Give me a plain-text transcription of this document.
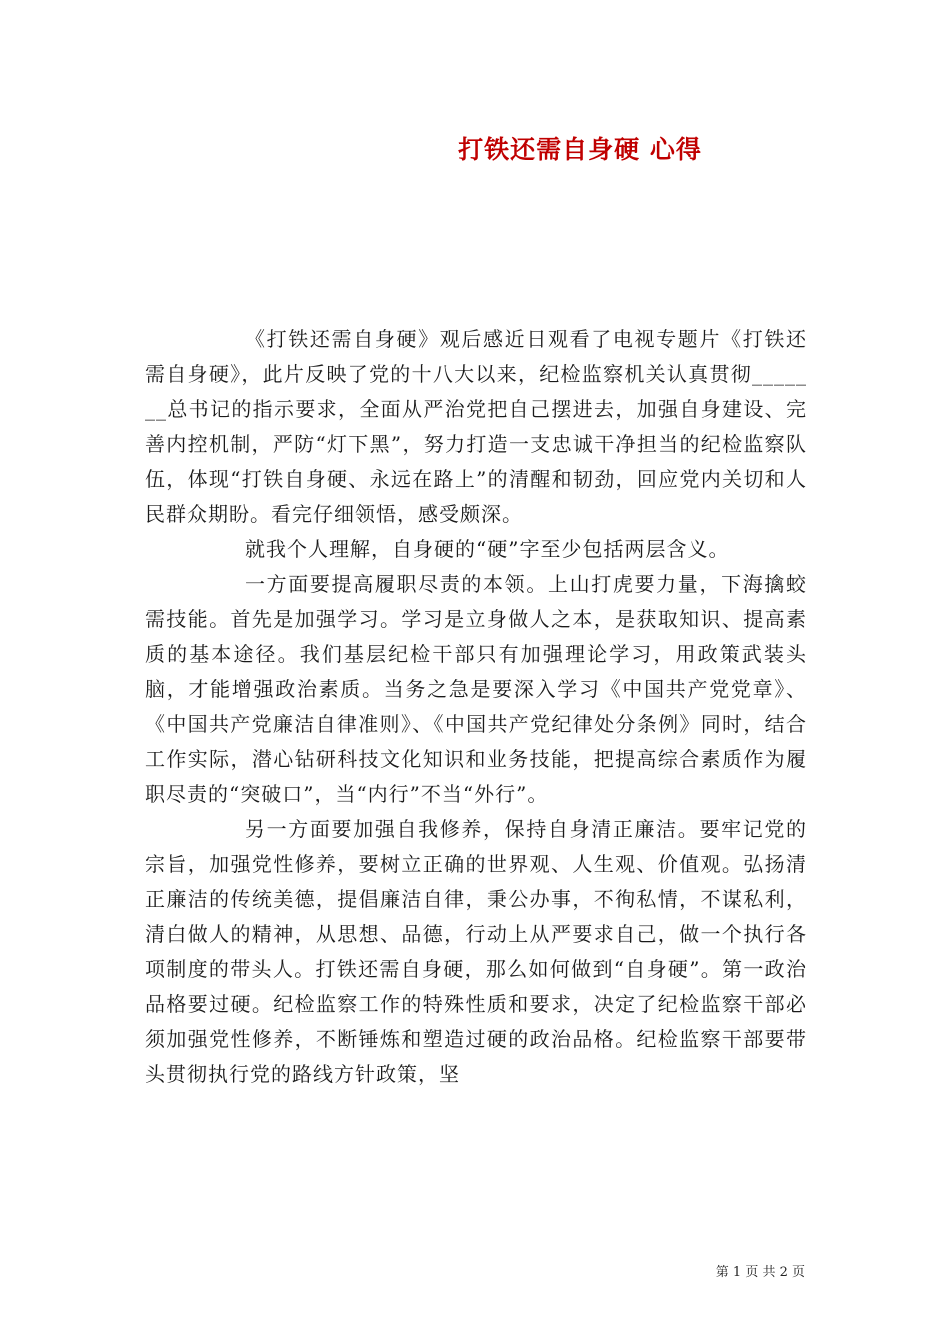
打铁还需自身硬 心得

《打铁还需自身硬》观后感近日观看了电视专题片《打铁还需自身硬》，此片反映了党的十八大以来，纪检监察机关认真贯彻_______总书记的指示要求，全面从严治党把自己摆进去，加强自身建设、完善内控机制，严防“灯下黑”，努力打造一支忠诚干净担当的纪检监察队伍，体现“打铁自身硬、永远在路上”的清醒和韧劲，回应党内关切和人民群众期盼。看完仔细领悟，感受颇深。

就我个人理解，自身硬的“硬”字至少包括两层含义。

一方面要提高履职尽责的本领。上山打虎要力量，下海擒蛟需技能。首先是加强学习。学习是立身做人之本，是获取知识、提高素质的基本途径。我们基层纪检干部只有加强理论学习，用政策武装头脑，才能增强政治素质。当务之急是要深入学习《中国共产党党章》、《中国共产党廉洁自律准则》、《中国共产党纪律处分条例》同时，结合工作实际，潜心钻研科技文化知识和业务技能，把提高综合素质作为履职尽责的“突破口”，当“内行”不当“外行”。

另一方面要加强自我修养，保持自身清正廉洁。要牢记党的宗旨，加强党性修养，要树立正确的世界观、人生观、价值观。弘扬清正廉洁的传统美德，提倡廉洁自律，秉公办事，不徇私情，不谋私利，清白做人的精神，从思想、品德，行动上从严要求自己，做一个执行各项制度的带头人。打铁还需自身硬，那么如何做到“自身硬”。第一政治品格要过硬。纪检监察工作的特殊性质和要求，决定了纪检监察干部必须加强党性修养，不断锤炼和塑造过硬的政治品格。纪检监察干部要带头贯彻执行党的路线方针政策，坚

第 1 页 共 2 页
